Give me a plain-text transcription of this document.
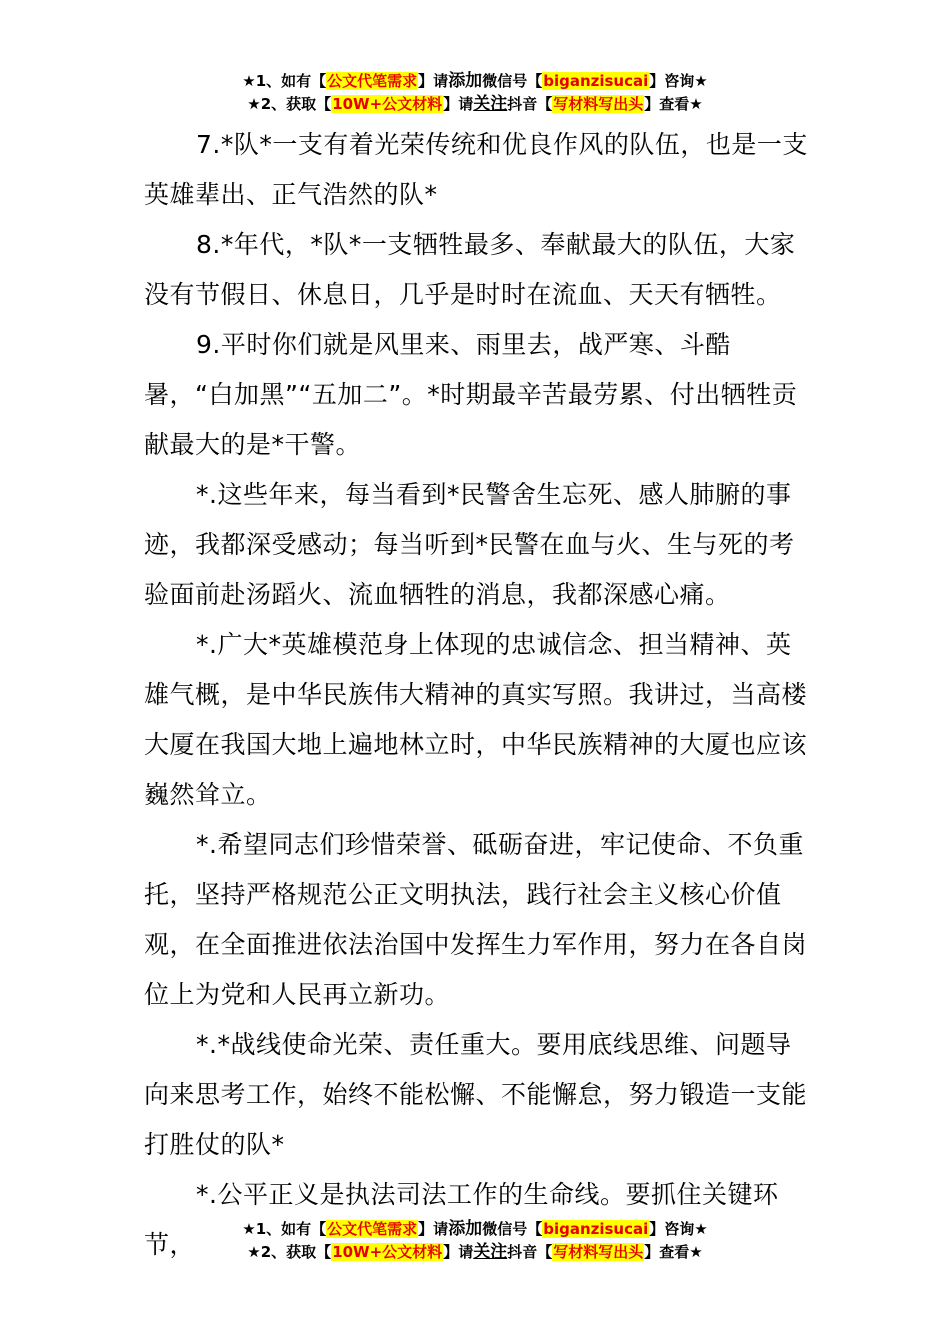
★1、如有【公文代笔需求】请添加微信号【biganzisucai】咨询★
★2、获取【10W+公文材料】请关注抖音【写材料写出头】查看★

7.*队*一支有着光荣传统和优良作风的队伍，也是一支英雄辈出、正气浩然的队*

8.*年代，*队*一支牺牲最多、奉献最大的队伍，大家没有节假日、休息日，几乎是时时在流血、天天有牺牲。

9.平时你们就是风里来、雨里去，战严寒、斗酷暑，“白加黑”“五加二”。*时期最辛苦最劳累、付出牺牲贡献最大的是*干警。

*.这些年来，每当看到*民警舍生忘死、感人肺腑的事迹，我都深受感动；每当听到*民警在血与火、生与死的考验面前赴汤蹈火、流血牺牲的消息，我都深感心痛。

*.广大*英雄模范身上体现的忠诚信念、担当精神、英雄气概，是中华民族伟大精神的真实写照。我讲过，当高楼大厦在我国大地上遍地林立时，中华民族精神的大厦也应该巍然耸立。

*.希望同志们珍惜荣誉、砥砺奋进，牢记使命、不负重托，坚持严格规范公正文明执法，践行社会主义核心价值观，在全面推进依法治国中发挥生力军作用，努力在各自岗位上为党和人民再立新功。

*.*战线使命光荣、责任重大。要用底线思维、问题导向来思考工作，始终不能松懈、不能懈怠，努力锻造一支能打胜仗的队*

*.公平正义是执法司法工作的生命线。要抓住关键环节，

★1、如有【公文代笔需求】请添加微信号【biganzisucai】咨询★
★2、获取【10W+公文材料】请关注抖音【写材料写出头】查看★
